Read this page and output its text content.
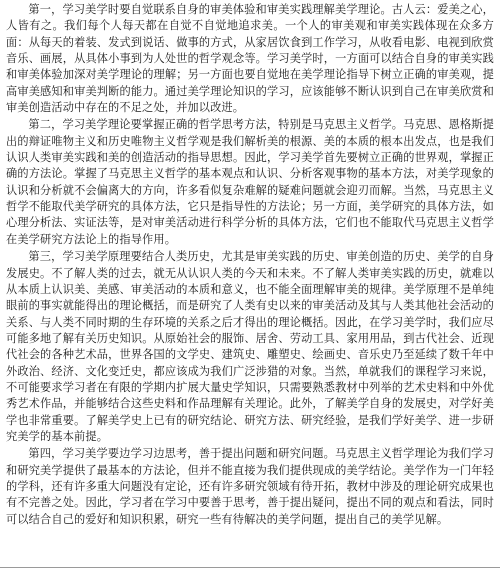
第一，学习美学时要自觉联系自身的审美体验和审美实践理解美学理论。古人云：爱美之心，人皆有之。我们每个人每天都在自觉不自觉地追求美。一个人的审美观和审美实践体现在众多方面：从每天的着装、发式到说话、做事的方式，从家居饮食到工作学习，从收看电影、电视到欣赏音乐、画展，从具体小事到为人处世的哲学观念等。学习美学时，一方面可以结合自身的审美实践和审美体验加深对美学理论的理解；另一方面也要自觉地在美学理论指导下树立正确的审美观，提高审美感知和审美判断的能力。通过美学理论知识的学习，应该能够不断认识到自己在审美欣赏和审美创造活动中存在的不足之处，并加以改进。

第二，学习美学理论要掌握正确的哲学思考方法，特别是马克思主义哲学。马克思、恩格斯提出的辩证唯物主义和历史唯物主义哲学观是我们解析美的根源、美的本质的根本出发点，也是我们认识人类审美实践和美的创造活动的指导思想。因此，学习美学首先要树立正确的世界观，掌握正确的方法论。掌握了马克思主义哲学的基本观点和认识、分析客观事物的基本方法，对美学现象的认识和分析就不会偏离大的方向，许多看似复杂难解的疑难问题就会迎刃而解。当然，马克思主义哲学不能取代美学研究的具体方法，它只是指导性的方法论；另一方面，美学研究的具体方法，如心理分析法、实证法等，是对审美活动进行科学分析的具体方法，它们也不能取代马克思主义哲学在美学研究方法论上的指导作用。

第三，学习美学原理要结合人类历史，尤其是审美实践的历史、审美创造的历史、美学的自身发展史。不了解人类的过去，就无从认识人类的今天和未来。不了解人类审美实践的历史，就难以从本质上认识美、美感、审美活动的本质和意义，也不能全面理解审美的规律。美学原理不是单纯眼前的事实就能得出的理论概括，而是研究了人类有史以来的审美活动及其与人类其他社会活动的关系、与人类不同时期的生存环境的关系之后才得出的理论概括。因此，在学习美学时，我们应尽可能多地了解有关历史知识。从原始社会的服饰、居舍、劳动工具、家用用品，到古代社会、近现代社会的各种艺术品，世界各国的文学史、建筑史、雕塑史、绘画史、音乐史乃至延续了数千年中外政治、经济、文化变迁史，都应该成为我们广泛涉猎的对象。当然，单就我们的课程学习来说，不可能要求学习者在有限的学期内扩展大量史学知识，只需要熟悉教材中列举的艺术史料和中外优秀艺术作品，并能够结合这些史料和作品理解有关理论。此外，了解美学自身的发展史，对学好美学也非常重要。了解美学史上已有的研究结论、研究方法、研究经验，是我们学好美学、进一步研究美学的基本前提。

第四，学习美学要边学习边思考，善于提出问题和研究问题。马克思主义哲学理论为我们学习和研究美学提供了最基本的方法论，但并不能直接为我们提供现成的美学结论。美学作为一门年轻的学科，还有许多重大问题没有定论，还有许多研究领域有待开拓，教材中涉及的理论研究成果也有不完善之处。因此，学习者在学习中要善于思考，善于提出疑问，提出不同的观点和看法，同时可以结合自己的爱好和知识积累，研究一些有待解决的美学问题，提出自己的美学见解。
